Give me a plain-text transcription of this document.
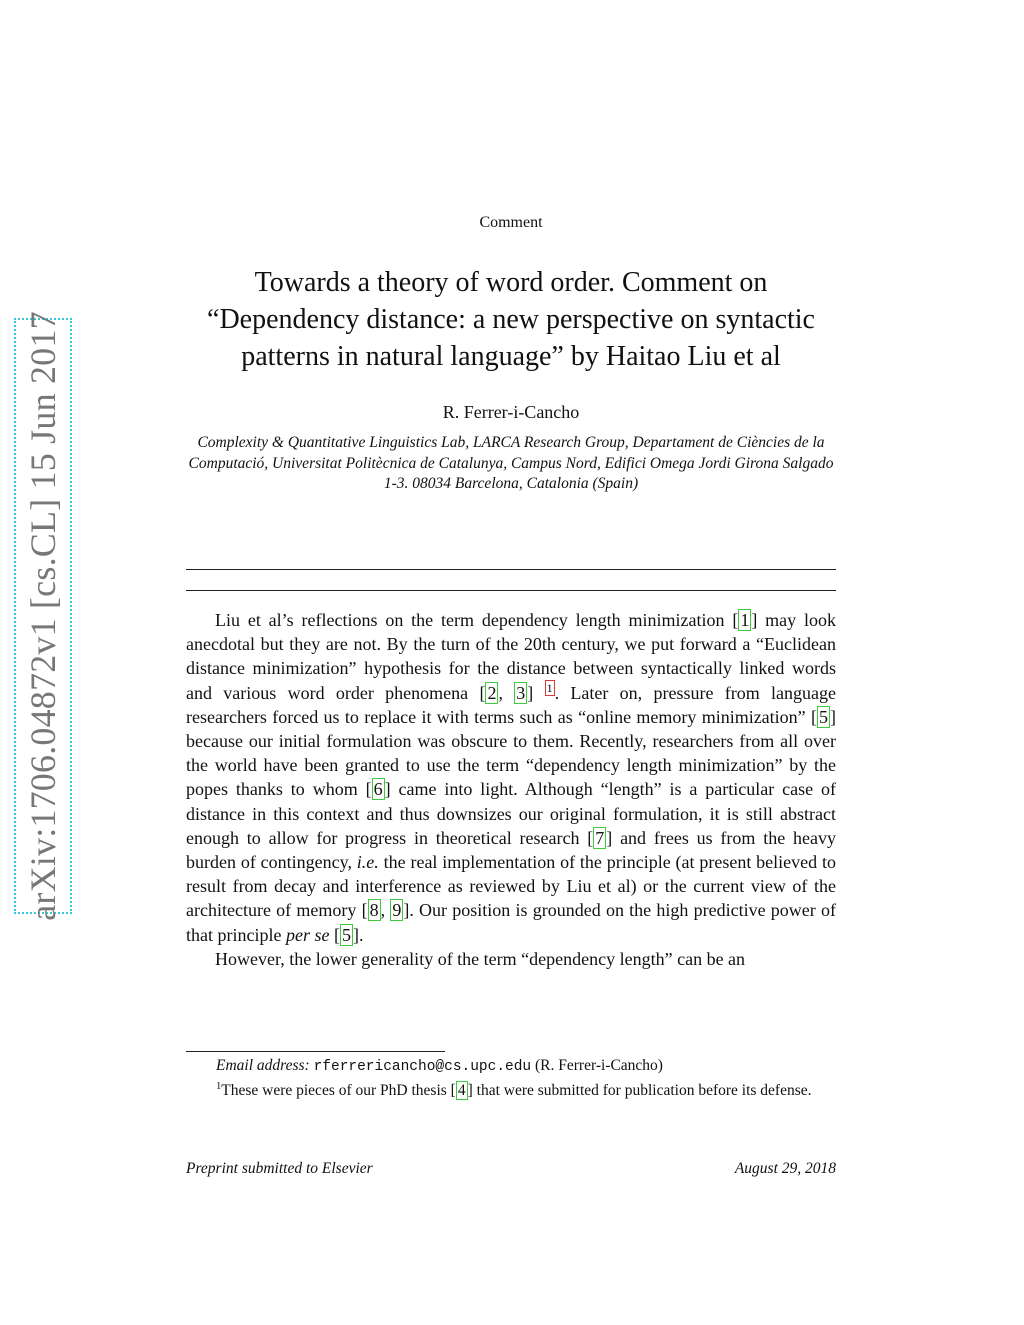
arXiv:1706.04872v1 [cs.CL] 15 Jun 2017
Comment
Towards a theory of word order. Comment on “Dependency distance: a new perspective on syntactic patterns in natural language” by Haitao Liu et al
R. Ferrer-i-Cancho
Complexity & Quantitative Linguistics Lab, LARCA Research Group, Departament de Ciències de la Computació, Universitat Politècnica de Catalunya, Campus Nord, Edifici Omega Jordi Girona Salgado 1-3. 08034 Barcelona, Catalonia (Spain)

Liu et al’s reflections on the term dependency length minimization [ 1 ] may look anecdotal but they are not. By the turn of the 20th century, we put forward a “Euclidean distance minimization” hypothesis for the distance between syntactically linked words and various word order phenomena [ 2 , 3 ] $^1$ . Later on, pressure from language researchers forced us to replace it with terms such as “online memory minimization” [ 5 ] because our initial formulation was obscure to them. Recently, researchers from all over the world have been granted to use the term “dependency length minimization” by the popes thanks to whom [ 6 ] came into light. Although “length” is a particular case of distance in this context and thus downsizes our original formulation, it is still abstract enough to allow for progress in theoretical research [ 7 ] and frees us from the heavy burden of contingency, i.e. the real implementation of the principle (at present believed to result from decay and interference as reviewed by Liu et al) or the current view of the architecture of memory [ 8 , 9 ]. Our position is grounded on the high predictive power of that principle per se [ 5 ].

However, the lower generality of the term “dependency length” can be an

Email address: rferrericancho@cs.upc.edu (R. Ferrer-i-Cancho)
$^1$These were pieces of our PhD thesis [ 4 ] that were submitted for publication before its defense.
Preprint submitted to Elsevier	August 29, 2018
